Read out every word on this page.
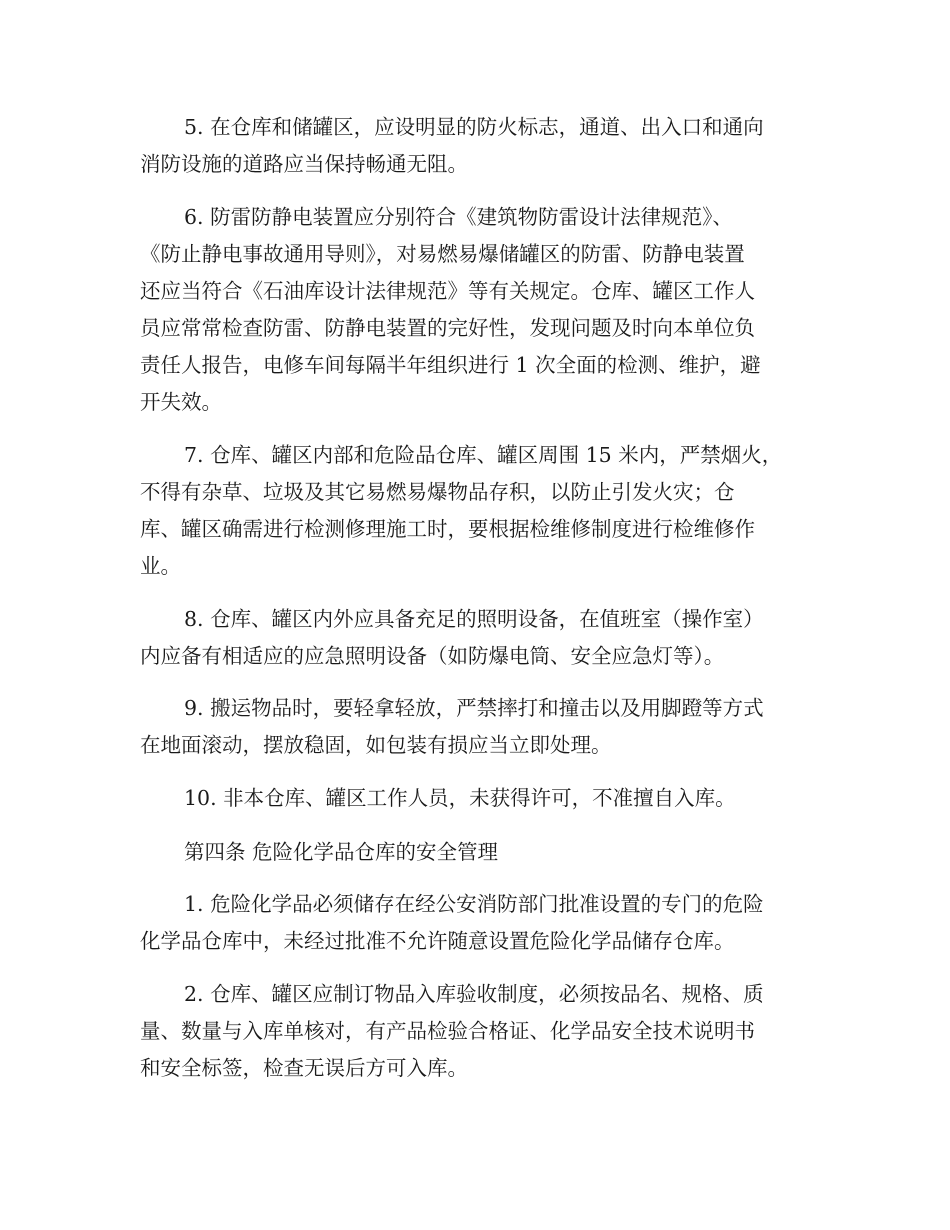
5. 在仓库和储罐区，应设明显的防火标志，通道、出入口和通向
消防设施的道路应当保持畅通无阻。
6. 防雷防静电装置应分别符合《建筑物防雷设计法律规范》、
《防止静电事故通用导则》，对易燃易爆储罐区的防雷、防静电装置
还应当符合《石油库设计法律规范》等有关规定。仓库、罐区工作人
员应常常检查防雷、防静电装置的完好性，发现问题及时向本单位负
责任人报告，电修车间每隔半年组织进行 1 次全面的检测、维护，避
开失效。
7. 仓库、罐区内部和危险品仓库、罐区周围 15 米内，严禁烟火，
不得有杂草、垃圾及其它易燃易爆物品存积，以防止引发火灾；仓
库、罐区确需进行检测修理施工时，要根据检维修制度进行检维修作
业。
8. 仓库、罐区内外应具备充足的照明设备，在值班室（操作室）
内应备有相适应的应急照明设备（如防爆电筒、安全应急灯等）。
9. 搬运物品时，要轻拿轻放，严禁摔打和撞击以及用脚蹬等方式
在地面滚动，摆放稳固，如包装有损应当立即处理。
10. 非本仓库、罐区工作人员，未获得许可，不准擅自入库。
第四条 危险化学品仓库的安全管理
1. 危险化学品必须储存在经公安消防部门批准设置的专门的危险
化学品仓库中，未经过批准不允许随意设置危险化学品储存仓库。
2. 仓库、罐区应制订物品入库验收制度，必须按品名、规格、质
量、数量与入库单核对，有产品检验合格证、化学品安全技术说明书
和安全标签，检查无误后方可入库。
